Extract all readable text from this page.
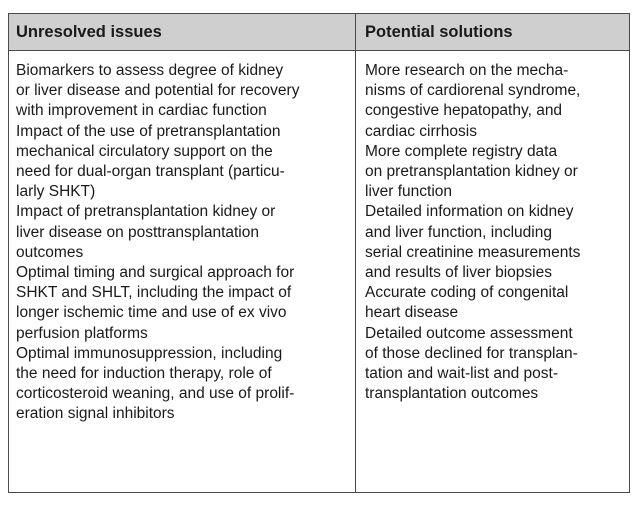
Unresolved issues	Potential solutions
Biomarkers to assess degree of kidney
or liver disease and potential for recovery
with improvement in cardiac function
Impact of the use of pretransplantation
mechanical circulatory support on the
need for dual-organ transplant (particu-
larly SHKT)
Impact of pretransplantation kidney or
liver disease on posttransplantation
outcomes
Optimal timing and surgical approach for
SHKT and SHLT, including the impact of
longer ischemic time and use of ex vivo
perfusion platforms
Optimal immunosuppression, including
the need for induction therapy, role of
corticosteroid weaning, and use of prolif-
eration signal inhibitors
More research on the mecha-
nisms of cardiorenal syndrome,
congestive hepatopathy, and
cardiac cirrhosis
More complete registry data
on pretransplantation kidney or
liver function
Detailed information on kidney
and liver function, including
serial creatinine measurements
and results of liver biopsies
Accurate coding of congenital
heart disease
Detailed outcome assessment
of those declined for transplan-
tation and wait-list and post-
transplantation outcomes
